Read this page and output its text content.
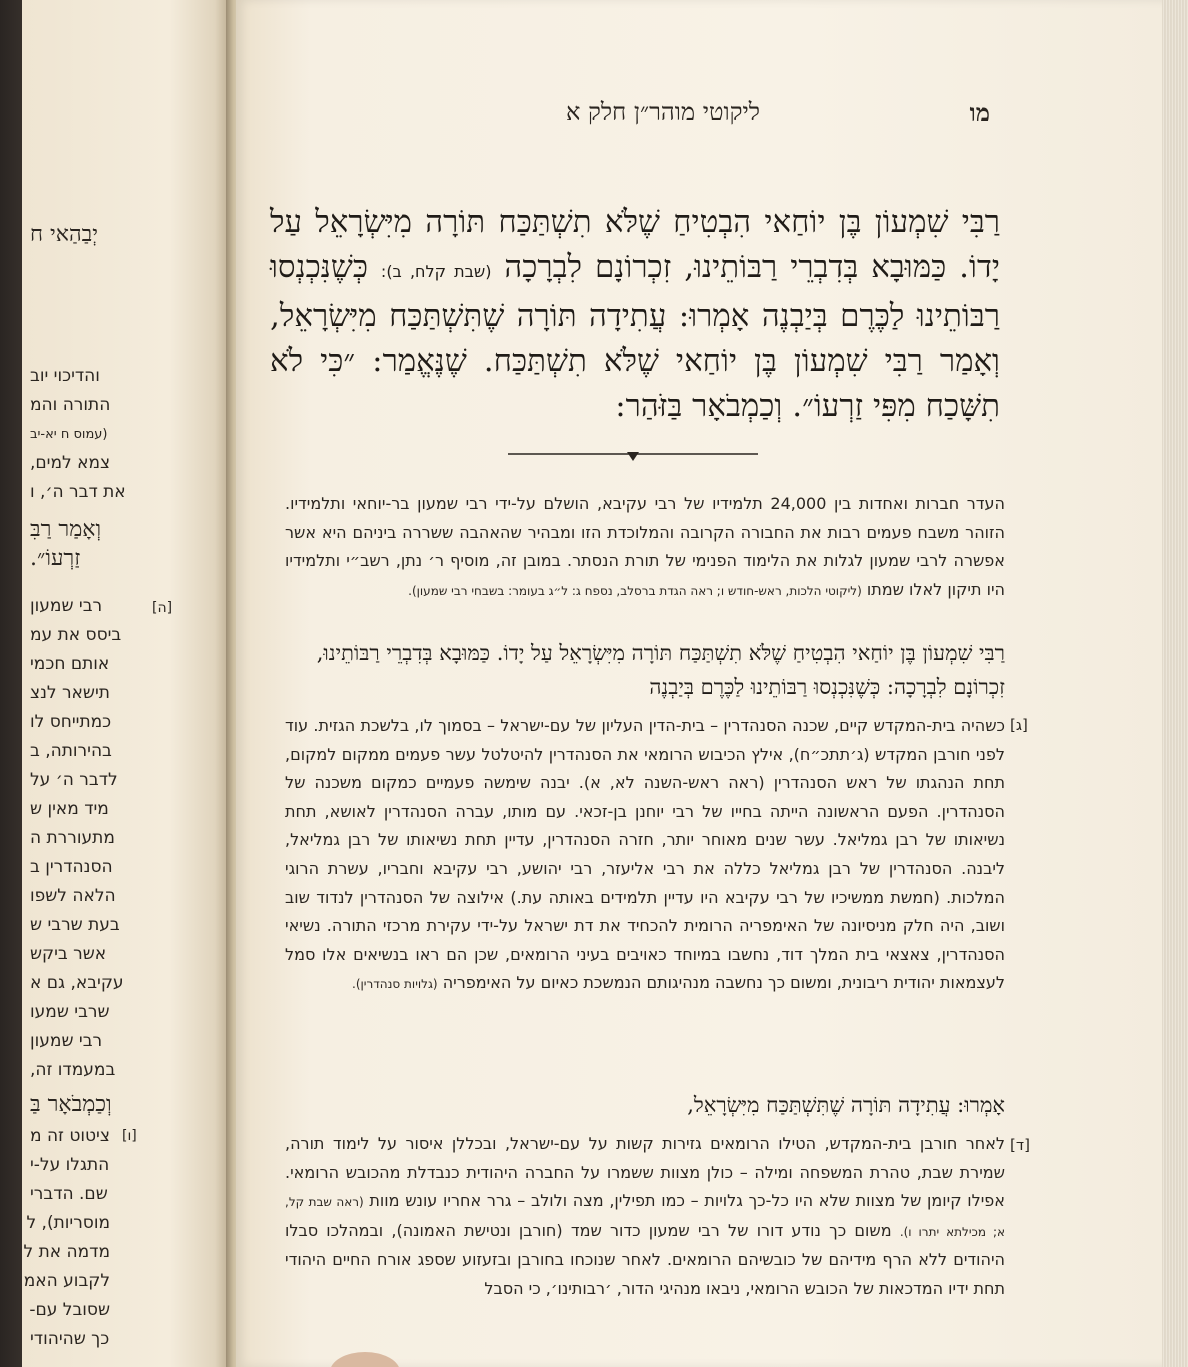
יְבַהַאי ח
והדיכוי יוב
התורה והמ
(עמוס ח יא-יב
צמא למים,
את דבר ה׳, ו
וְאָמַר רַבִּ
זַרְעוֹ״.
[ה]
רבי שמעון
ביסס את עמ
אותם חכמי
תישאר לנצ
כמתייחס לו
בהירותה, ב
לדבר ה׳ על
מיד מאין ש
מתעוררת ה
הסנהדרין ב
הלאה לשפו
בעת שרבי ש
אשר ביקש
עקיבא, גם א
שרבי שמעו
רבי שמעון
במעמדו זה,
וְכַמְבֹאָר בַּ
[ו]
ציטוט זה מ
התגלו על-י
שם. הדברי
מוסריות), ל
מדמה את ל
לקבוע האמ
שסובל עם-
כך שהיהודי
ליקוטי מוהר״ן חלק א	מו
רַבִּי שִׁמְעוֹן בֶּן יוֹחַאי הִבְטִיחַ שֶׁלֹּא תִשְׁתַּכַּח תּוֹרָה מִיִּשְׂרָאֵל עַל יָדוֹ. כַּמּוּבָא בְּדִבְרֵי רַבּוֹתֵינוּ, זִכְרוֹנָם לִבְרָכָה (שבת קלח, ב): כְּשֶׁנִּכְנְסוּ רַבּוֹתֵינוּ לַכֶּרֶם בְּיַבְנֶה אָמְרוּ: עֲתִידָה תּוֹרָה שֶׁתִּשְׁתַּכַּח מִיִּשְׂרָאֵל, וְאָמַר רַבִּי שִׁמְעוֹן בֶּן יוֹחַאי שֶׁלֹּא תִשְׁתַּכַּח. שֶׁנֶּאֱמַר: ״כִּי לֹא תִשָּׁכַח מִפִּי זַרְעוֹ״. וְכַמְבֹאָר בַּזֹּהַר:
העדר חברות ואחדות בין 24,000 תלמידיו של רבי עקיבא, הושלם על-ידי רבי שמעון בר-יוחאי ותלמידיו. הזוהר משבח פעמים רבות את החבורה הקרובה והמלוכדת הזו ומבהיר שהאהבה ששררה ביניהם היא אשר אפשרה לרבי שמעון לגלות את הלימוד הפנימי של תורת הנסתר. במובן זה, מוסיף ר׳ נתן, רשב״י ותלמידיו היו תיקון לאלו שמתו (ליקוטי הלכות, ראש-חודש ו; ראה הגדת ברסלב, נספח ג: ל״ג בעומר: בשבחי רבי שמעון).
רַבִּי שִׁמְעוֹן בֶּן יוֹחַאי הִבְטִיחַ שֶׁלֹּא תִשְׁתַּכַּח תּוֹרָה מִיִּשְׂרָאֵל עַל יָדוֹ. כַּמּוּבָא בְּדִבְרֵי רַבּוֹתֵינוּ, זִכְרוֹנָם לִבְרָכָה: כְּשֶׁנִּכְנְסוּ רַבּוֹתֵינוּ לַכֶּרֶם בְּיַבְנֶה
[ג]
כשהיה בית-המקדש קיים, שכנה הסנהדרין – בית-הדין העליון של עם-ישראל – בסמוך לו, בלשכת הגזית. עוד לפני חורבן המקדש (ג׳תתכ״ח), אילץ הכיבוש הרומאי את הסנהדרין להיטלטל עשר פעמים ממקום למקום, תחת הנהגתו של ראש הסנהדרין (ראה ראש-השנה לא, א). יבנה שימשה פעמיים כמקום משכנה של הסנהדרין. הפעם הראשונה הייתה בחייו של רבי יוחנן בן-זכאי. עם מותו, עברה הסנהדרין לאושא, תחת נשיאותו של רבן גמליאל. עשר שנים מאוחר יותר, חזרה הסנהדרין, עדיין תחת נשיאותו של רבן גמליאל, ליבנה. הסנהדרין של רבן גמליאל כללה את רבי אליעזר, רבי יהושע, רבי עקיבא וחבריו, עשרת הרוגי המלכות. (חמשת ממשיכיו של רבי עקיבא היו עדיין תלמידים באותה עת.) אילוצה של הסנהדרין לנדוד שוב ושוב, היה חלק מניסיונה של האימפריה הרומית להכחיד את דת ישראל על-ידי עקירת מרכזי התורה. נשיאי הסנהדרין, צאצאי בית המלך דוד, נחשבו במיוחד כאויבים בעיני הרומאים, שכן הם ראו בנשיאים אלו סמל לעצמאות יהודית ריבונית, ומשום כך נחשבה מנהיגותם הנמשכת כאיום על האימפריה (גלויות סנהדרין).
אָמְרוּ: עֲתִידָה תּוֹרָה שֶׁתִּשְׁתַּכַּח מִיִּשְׂרָאֵל,
[ד]
לאחר חורבן בית-המקדש, הטילו הרומאים גזירות קשות על עם-ישראל, ובכללן איסור על לימוד תורה, שמירת שבת, טהרת המשפחה ומילה – כולן מצוות ששמרו על החברה היהודית כנבדלת מהכובש הרומאי. אפילו קיומן של מצוות שלא היו כל-כך גלויות – כמו תפילין, מצה ולולב – גרר אחריו עונש מוות (ראה שבת קל, א; מכילתא יתרו ו). משום כך נודע דורו של רבי שמעון כדור שמד (חורבן ונטישת האמונה), ובמהלכו סבלו היהודים ללא הרף מידיהם של כובשיהם הרומאים. לאחר שנוכחו בחורבן ובזעזוע שספג אורח החיים היהודי תחת ידיו המדכאות של הכובש הרומאי, ניבאו מנהיגי הדור, ׳רבותינו׳, כי הסבל
